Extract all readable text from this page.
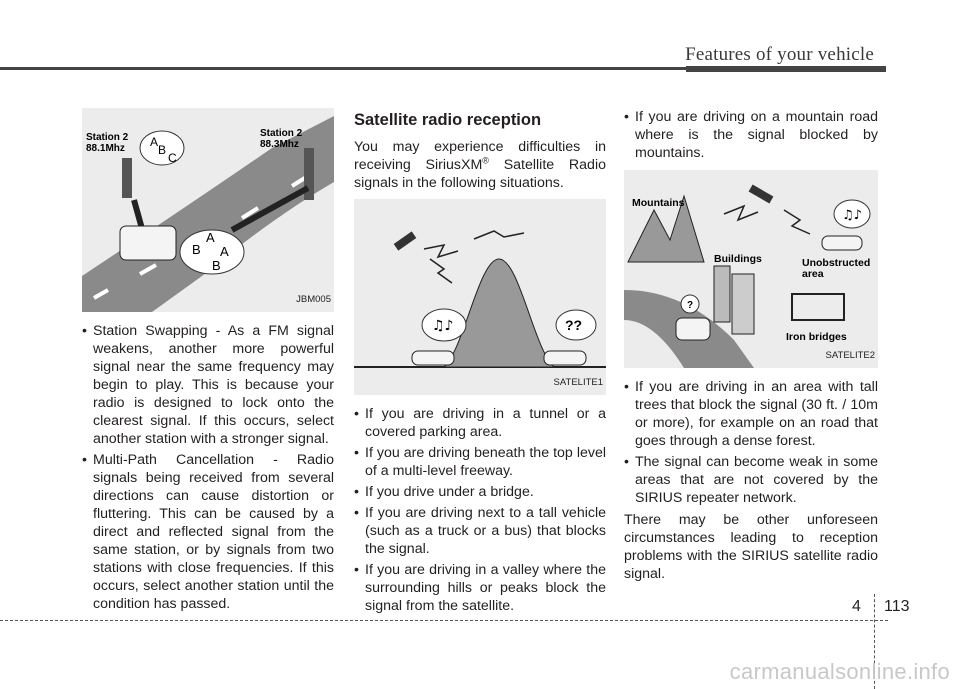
Features of your vehicle
Station 2
88.1Mhz
Station 2
88.3Mhz
A
B
C
A
B A
B
JBM005
• Station Swapping - As a FM signal weakens, another more powerful signal near the same frequency may begin to play. This is because your radio is designed to lock onto the clearest signal. If this occurs, select another station with a stronger signal.
• Multi-Path Cancellation - Radio signals being received from several directions can cause distortion or fluttering. This can be caused by a direct and reflected signal from the same station, or by signals from two stations with close frequencies. If this occurs, select another station until the condition has passed.
Satellite radio reception

You may experience difficulties in receiving SiriusXM® Satellite Radio signals in the following situations.

♫♪	??
SATELITE1
• If you are driving in a tunnel or a covered parking area.
• If you are driving beneath the top level of a multi-level freeway.
• If you drive under a bridge.
• If you are driving next to a tall vehicle (such as a truck or a bus) that blocks the signal.
• If you are driving in a valley where the surrounding hills or peaks block the signal from the satellite.
• If you are driving on a mountain road where is the signal blocked by mountains.
♫♪
?
Mountains
Buildings	Unobstructed
area
Iron bridges
SATELITE2
• If you are driving in an area with tall trees that block the signal (30 ft. / 10m or more), for example on an road that goes through a dense forest.
• The signal can become weak in some areas that are not covered by the SIRIUS repeater network.

There may be other unforeseen circumstances leading to reception problems with the SIRIUS satellite radio signal.

4 113
carmanualsonline.info
